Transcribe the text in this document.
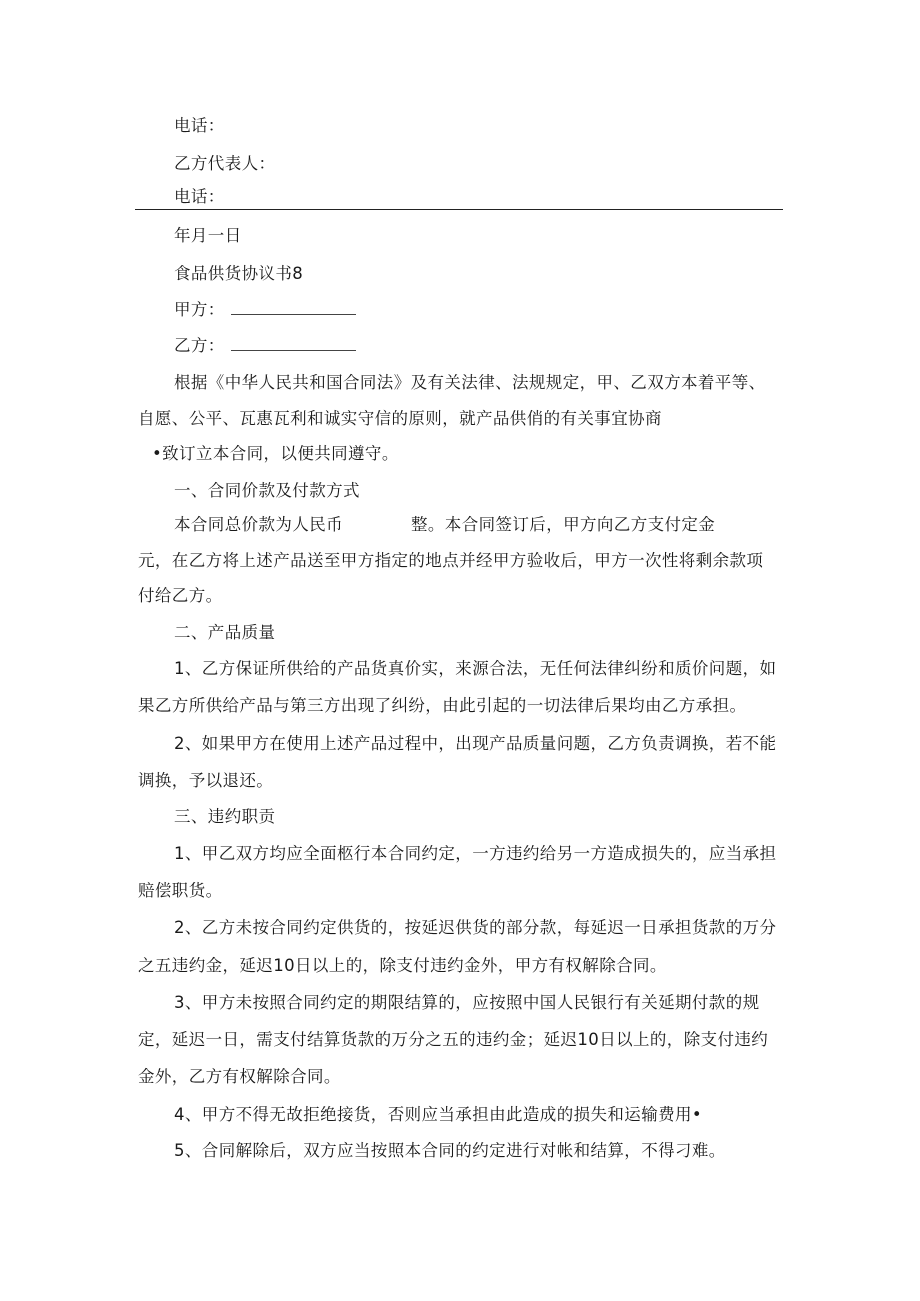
电话：
乙方代表人：
电话：
年月一日
食品供货协议书8
甲方：
乙方：
根据《中华人民共和国合同法》及有关法律、法规规定，甲、乙双方本着平等、
自愿、公平、瓦惠瓦利和诚实守信的原则，就产品供俏的有关事宜协商
•致订立本合同，以便共同遵守。
一、合同价款及付款方式
本合同总价款为人民币	整。本合同签订后，甲方向乙方支付定金
元，在乙方将上述产品送至甲方指定的地点并经甲方验收后，甲方一次性将剩余款项
付给乙方。
二、产品质量
1、乙方保证所供给的产品货真价实，来源合法，无任何法律纠纷和质价问题，如
果乙方所供给产品与第三方出现了纠纷，由此引起的一切法律后果均由乙方承担。
2、如果甲方在使用上述产品过程中，出现产品质量问题，乙方负责调换，若不能
调换，予以退还。
三、违约职贡
1、甲乙双方均应全面柩行本合同约定，一方违约给另一方造成损失的，应当承担
赔偿职货。
2、乙方未按合同约定供货的，按延迟供货的部分款，每延迟一日承担货款的万分
之五违约金，延迟10日以上的，除支付违约金外，甲方有权解除合同。
3、甲方未按照合同约定的期限结算的，应按照中国人民银行有关延期付款的规
定，延迟一日，需支付结算货款的万分之五的违约金；延迟10日以上的，除支付违约
金外，乙方有权解除合同。
4、甲方不得无故拒绝接货，否则应当承担由此造成的损失和运输费用•
5、合同解除后，双方应当按照本合同的约定进行对帐和结算，不得刁难。
